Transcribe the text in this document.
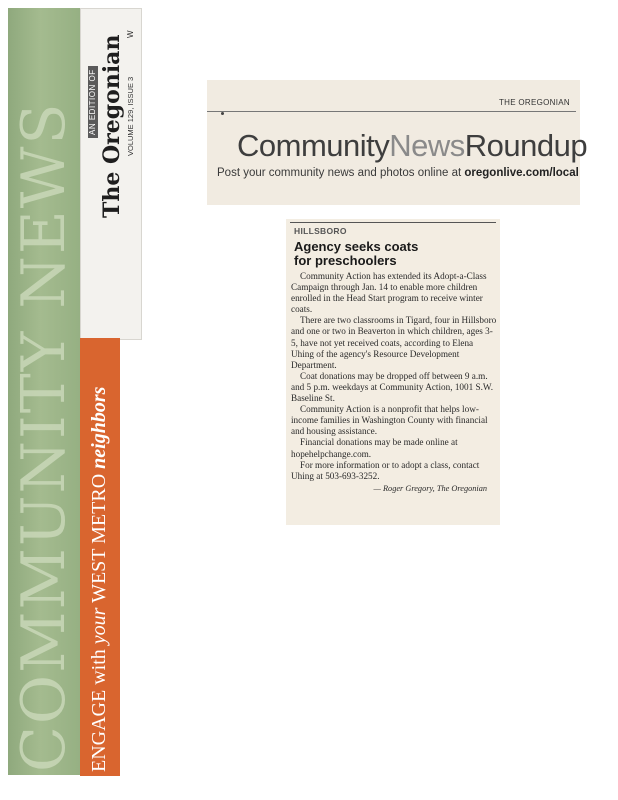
COMMUNITY NEWS ENGAGE with your WEST METRO neighbors
AN EDITION OF The Oregonian VOLUME 129, ISSUE 3
W
THE OREGONIAN
CommunityNewsRoundup
Post your community news and photos online at oregonlive.com/local
HILLSBORO
Agency seeks coats
for preschoolers

Community Action has extended its Adopt-a-Class Campaign through Jan. 14 to enable more children enrolled in the Head Start program to receive winter coats.

There are two classrooms in Tigard, four in Hillsboro and one or two in Beaverton in which children, ages 3-5, have not yet received coats, according to Elena Uhing of the agency's Resource Development Department.

Coat donations may be dropped off between 9 a.m. and 5 p.m. weekdays at Community Action, 1001 S.W. Baseline St.

Community Action is a nonprofit that helps low-income families in Washington County with financial and housing assistance.

Financial donations may be made online at hopehelpchange.com.

For more information or to adopt a class, contact Uhing at 503-693-3252.

— Roger Gregory, The Oregonian
